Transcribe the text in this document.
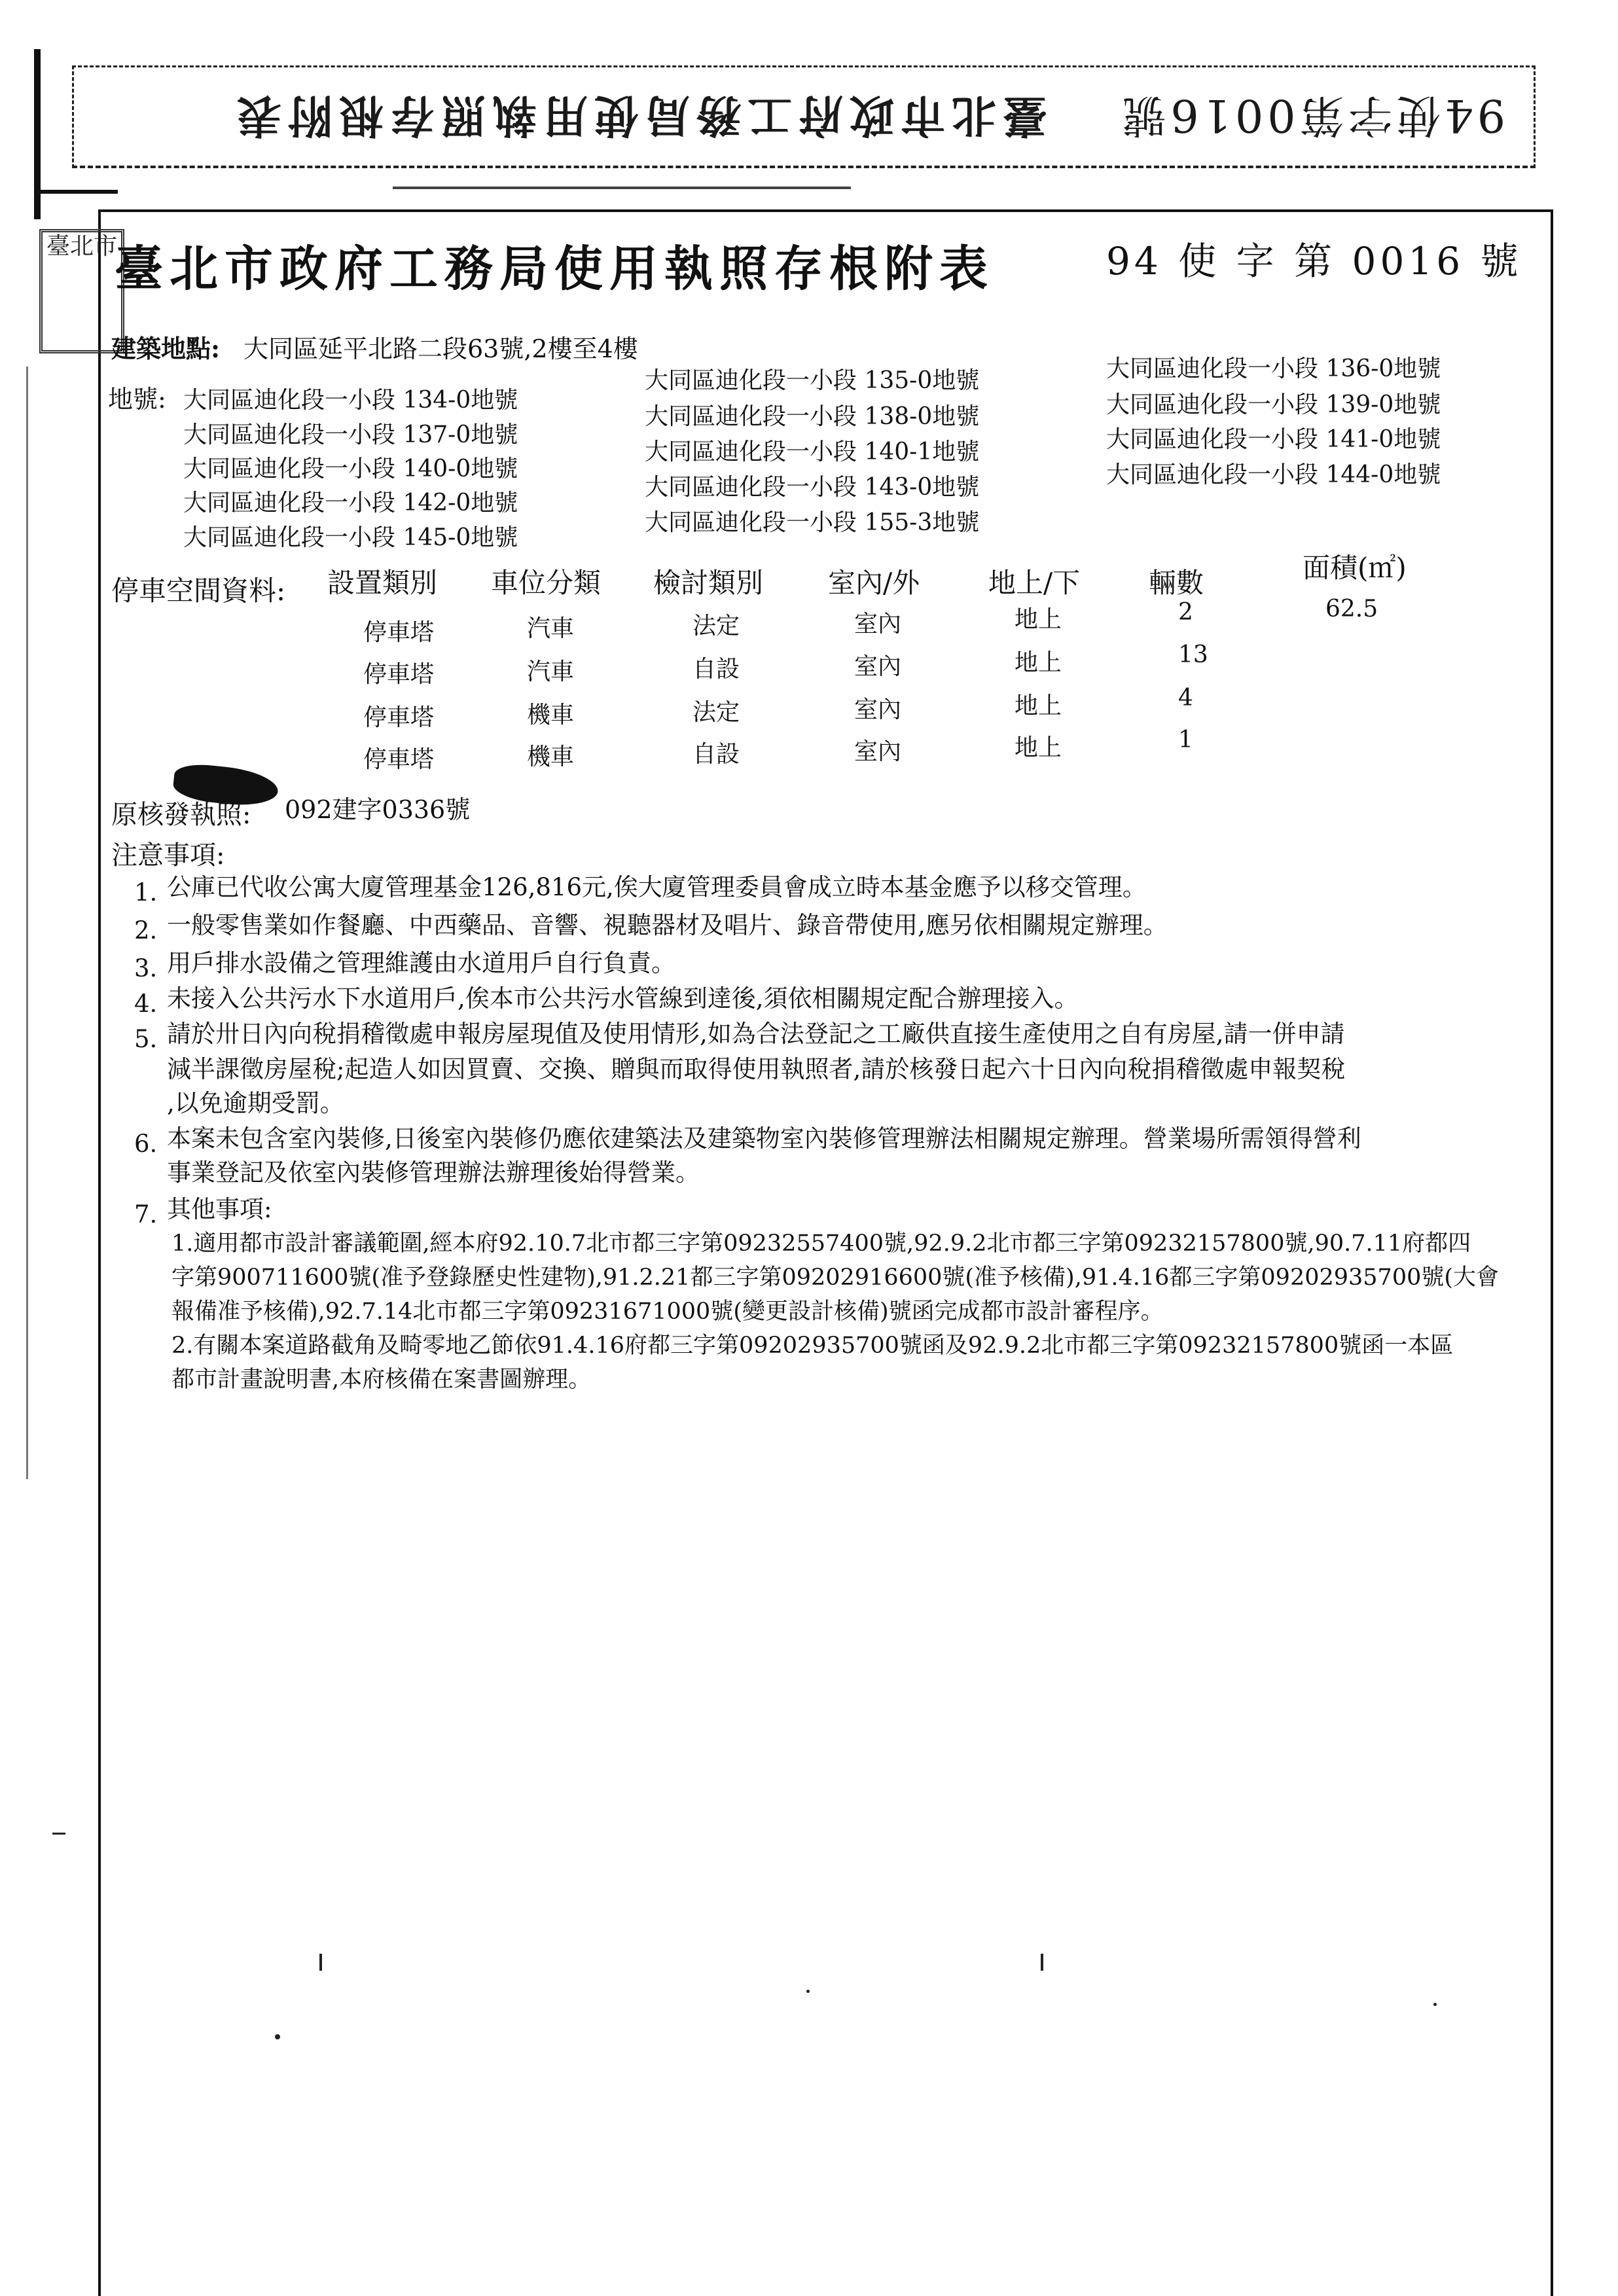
臺北市政府工務局使用執照存根附表	94使字第0016號
臺北市
臺北市政府工務局使用執照存根附表	94 使 字 第 0016 號
建築地點: 大同區延平北路二段63號,2樓至4樓
地號: 大同區迪化段一小段 134-0地號
大同區迪化段一小段 135-0地號	大同區迪化段一小段 136-0地號
大同區迪化段一小段 137-0地號
大同區迪化段一小段 138-0地號	大同區迪化段一小段 139-0地號
大同區迪化段一小段 140-0地號
大同區迪化段一小段 140-1地號	大同區迪化段一小段 141-0地號
大同區迪化段一小段 142-0地號
大同區迪化段一小段 143-0地號	大同區迪化段一小段 144-0地號
大同區迪化段一小段 145-0地號
大同區迪化段一小段 155-3地號
停車空間資料: 設置類別 車位分類 檢討類別 室內/外 地上/下 輛數	面積(㎡)
停車塔	汽車	法定	室內	地上	2	62.5
停車塔	汽車	自設	室內	地上	13
停車塔	機車	法定	室內	地上	4
停車塔	機車	自設	室內	地上	1
原核發執照: 092建字0336號
注意事項:
1. 公庫已代收公寓大廈管理基金126,816元,俟大廈管理委員會成立時本基金應予以移交管理。
2. 一般零售業如作餐廳、中西藥品、音響、視聽器材及唱片、錄音帶使用,應另依相關規定辦理。
3. 用戶排水設備之管理維護由水道用戶自行負責。
4. 未接入公共污水下水道用戶,俟本市公共污水管線到達後,須依相關規定配合辦理接入。
5. 請於卅日內向稅捐稽徵處申報房屋現值及使用情形,如為合法登記之工廠供直接生產使用之自有房屋,請一併申請
減半課徵房屋稅;起造人如因買賣、交換、贈與而取得使用執照者,請於核發日起六十日內向稅捐稽徵處申報契稅
,以免逾期受罰。
6. 本案未包含室內裝修,日後室內裝修仍應依建築法及建築物室內裝修管理辦法相關規定辦理。營業場所需領得營利
事業登記及依室內裝修管理辦法辦理後始得營業。
7. 其他事項:
1.適用都市設計審議範圍,經本府92.10.7北市都三字第09232557400號,92.9.2北市都三字第09232157800號,90.7.11府都四
字第900711600號(准予登錄歷史性建物),91.2.21都三字第09202916600號(准予核備),91.4.16都三字第09202935700號(大會
報備准予核備),92.7.14北市都三字第09231671000號(變更設計核備)號函完成都市設計審程序。
2.有關本案道路截角及畸零地乙節依91.4.16府都三字第09202935700號函及92.9.2北市都三字第09232157800號函一本區
都市計畫說明書,本府核備在案書圖辦理。
